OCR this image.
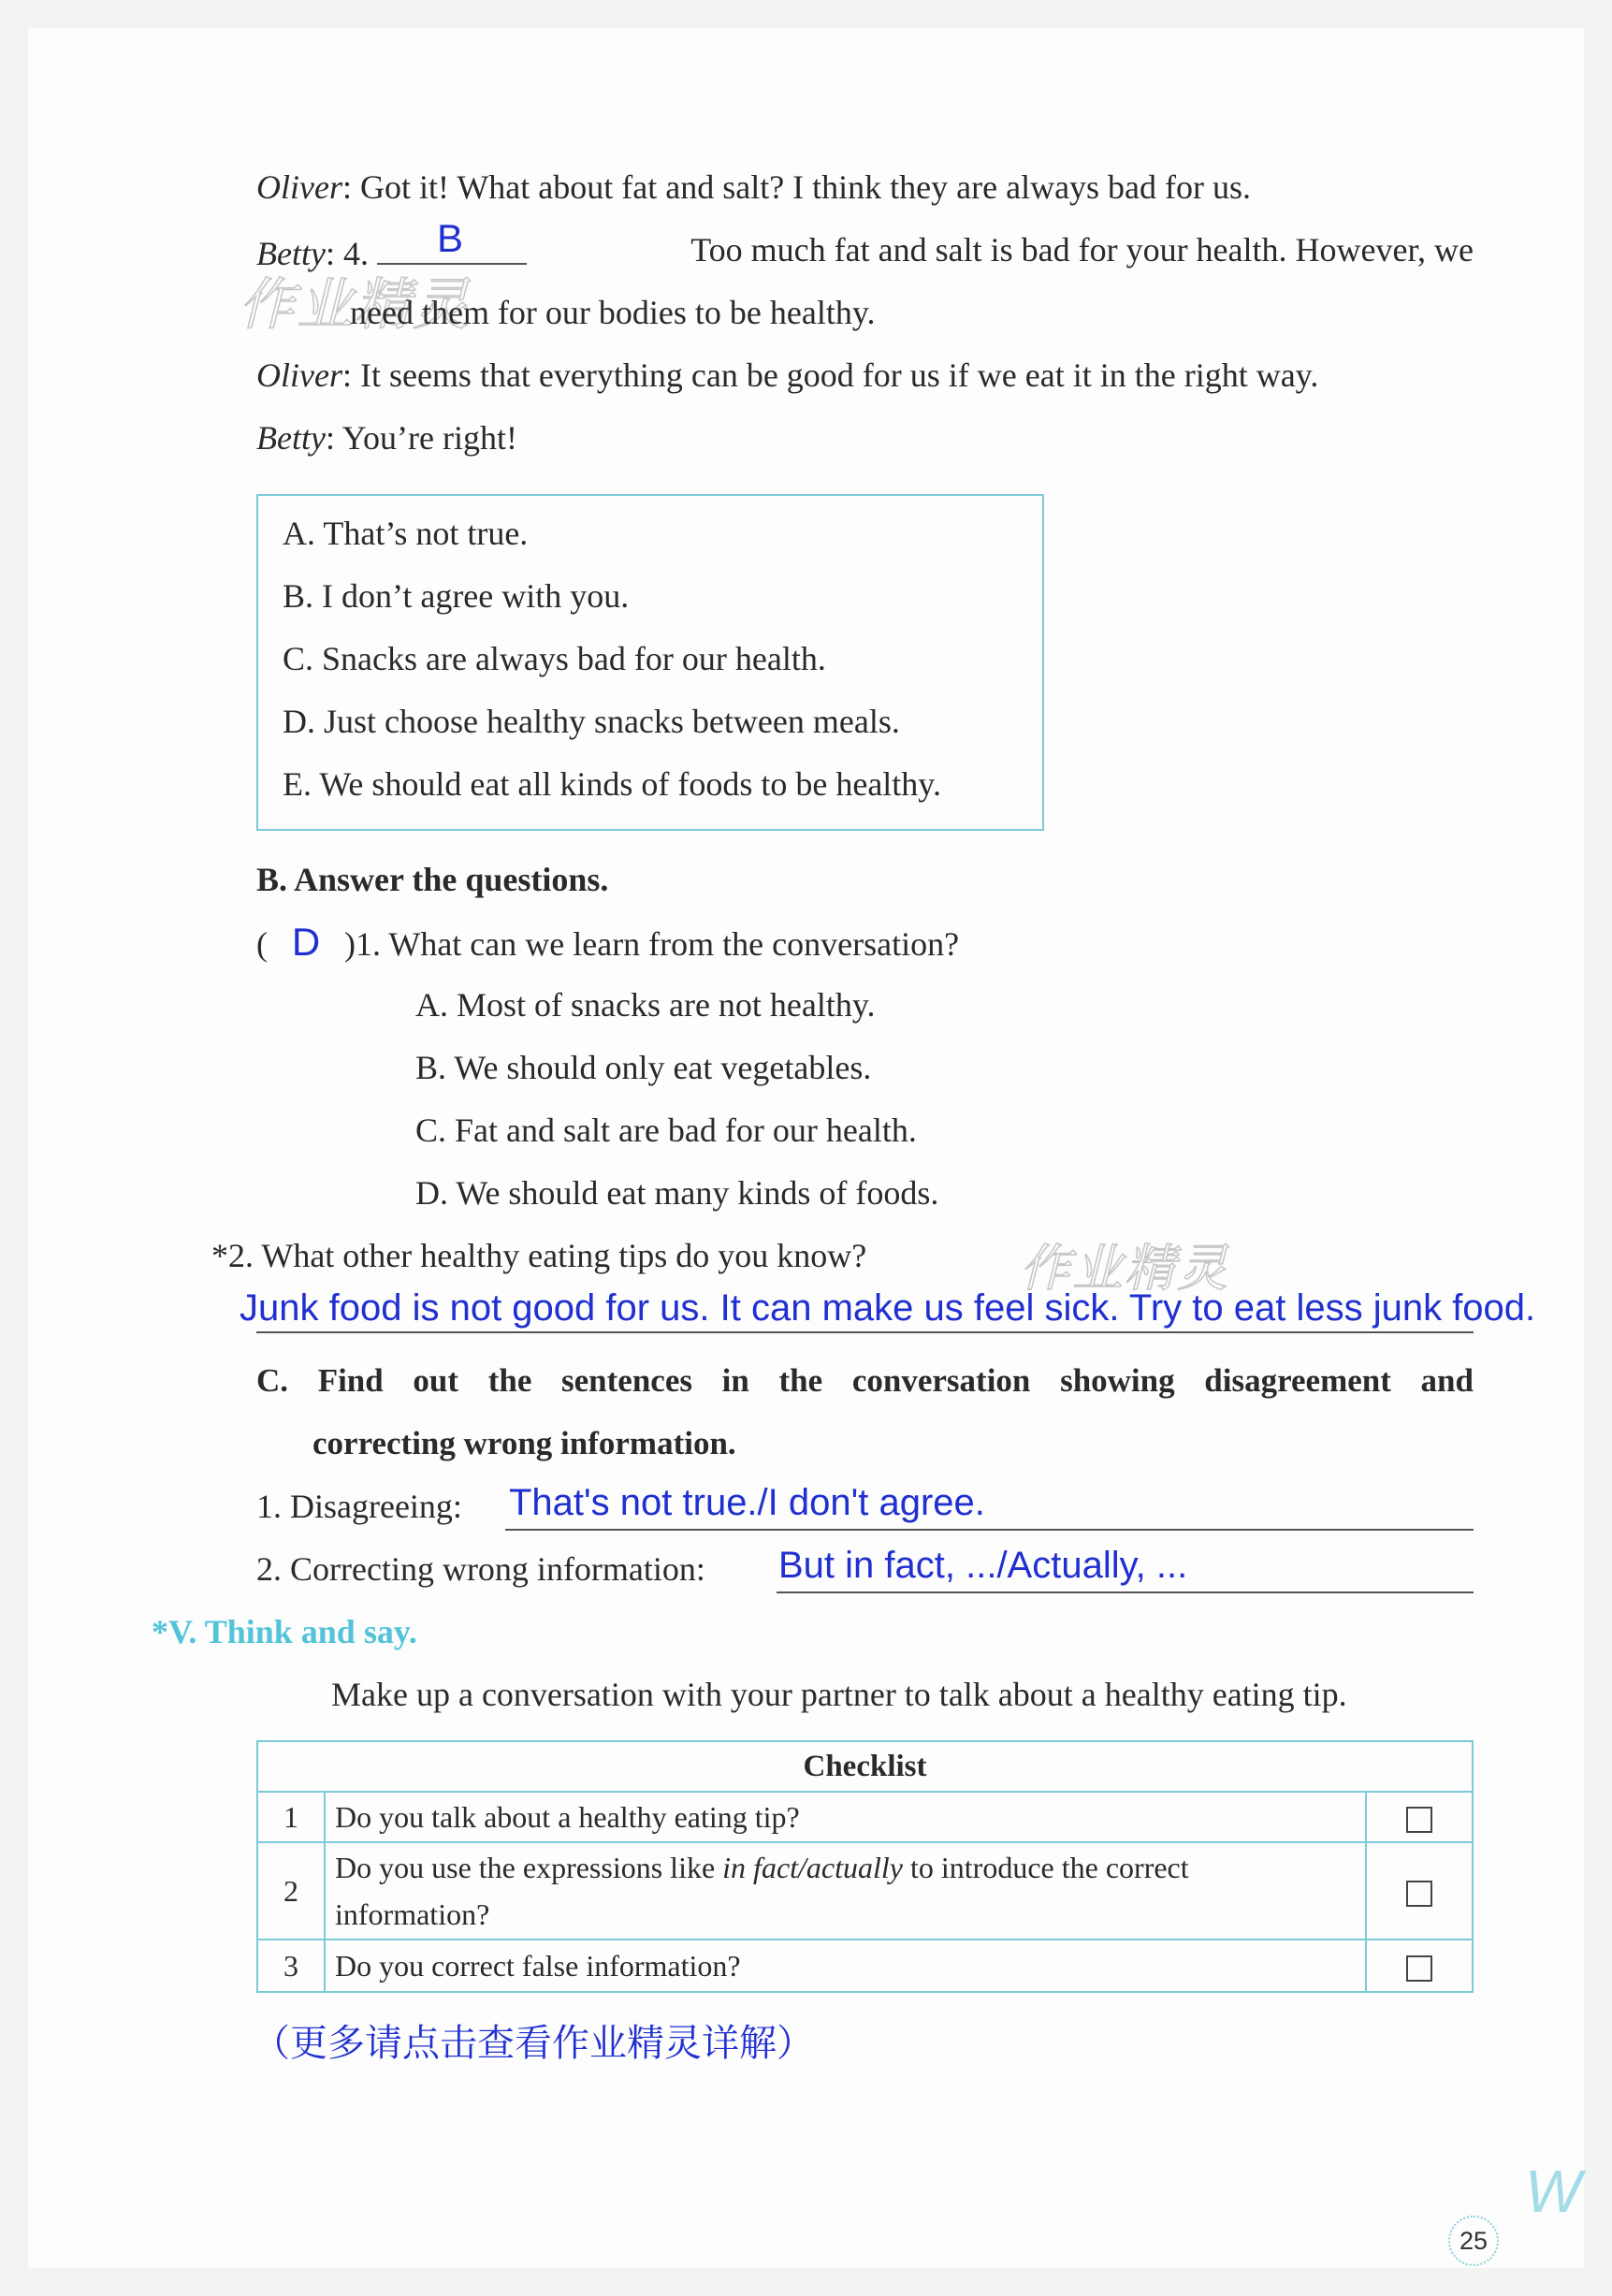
作业精灵
作业精灵
Oliver: Got it! What about fat and salt? I think they are always bad for us.
Betty: 4. B	Too much fat and salt is bad for your health. However, we
need them for our bodies to be healthy.
Oliver: It seems that everything can be good for us if we eat it in the right way.
Betty: You’re right!
A. That’s not true.
B. I don’t agree with you.
C. Snacks are always bad for our health.
D. Just choose healthy snacks between meals.
E. We should eat all kinds of foods to be healthy.
B. Answer the questions.
( D )1. What can we learn from the conversation?
A. Most of snacks are not healthy.
B. We should only eat vegetables.
C. Fat and salt are bad for our health.
D. We should eat many kinds of foods.
*2. What other healthy eating tips do you know?
Junk food is not good for us. It can make us feel sick. Try to eat less junk food.
C. Find out the sentences in the conversation showing disagreement and
correcting wrong information.
1. Disagreeing: That's not true./I don't agree.
2. Correcting wrong information: But in fact, .../Actually, ...
*V. Think and say.
Make up a conversation with your partner to talk about a healthy eating tip.
Checklist		
1	Do you talk about a healthy eating tip?	
2	Do you use the expressions like in fact/actually to introduce the correct
information?	
3	Do you correct false information?	
（更多请点击查看作业精灵详解）
W
25
